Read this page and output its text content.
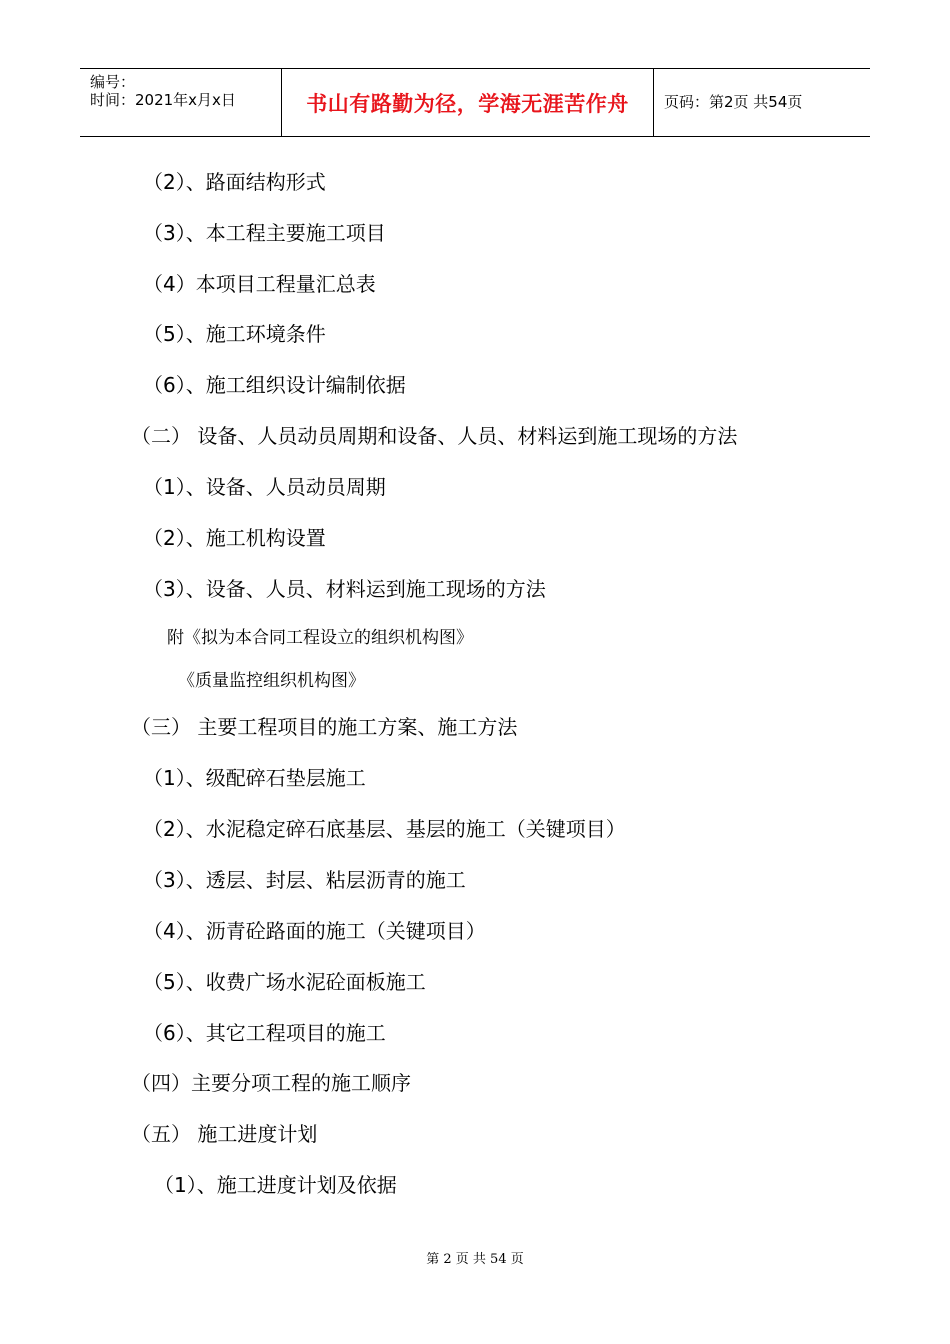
编号：
时间：2021年x月x日	书山有路勤为径，学海无涯苦作舟	页码：第2页 共54页
（2）、路面结构形式
（3）、本工程主要施工项目
（4）本项目工程量汇总表
（5）、施工环境条件
（6）、施工组织设计编制依据
（二） 设备、人员动员周期和设备、人员、材料运到施工现场的方法
（1）、设备、人员动员周期
（2）、施工机构设置
（3）、设备、人员、材料运到施工现场的方法
附《拟为本合同工程设立的组织机构图》
《质量监控组织机构图》
（三） 主要工程项目的施工方案、施工方法
（1）、级配碎石垫层施工
（2）、水泥稳定碎石底基层、基层的施工（关键项目）
（3）、透层、封层、粘层沥青的施工
（4）、沥青砼路面的施工（关键项目）
（5）、收费广场水泥砼面板施工
（6）、其它工程项目的施工
（四）主要分项工程的施工顺序
（五） 施工进度计划
（1）、施工进度计划及依据
第 2 页 共 54 页
